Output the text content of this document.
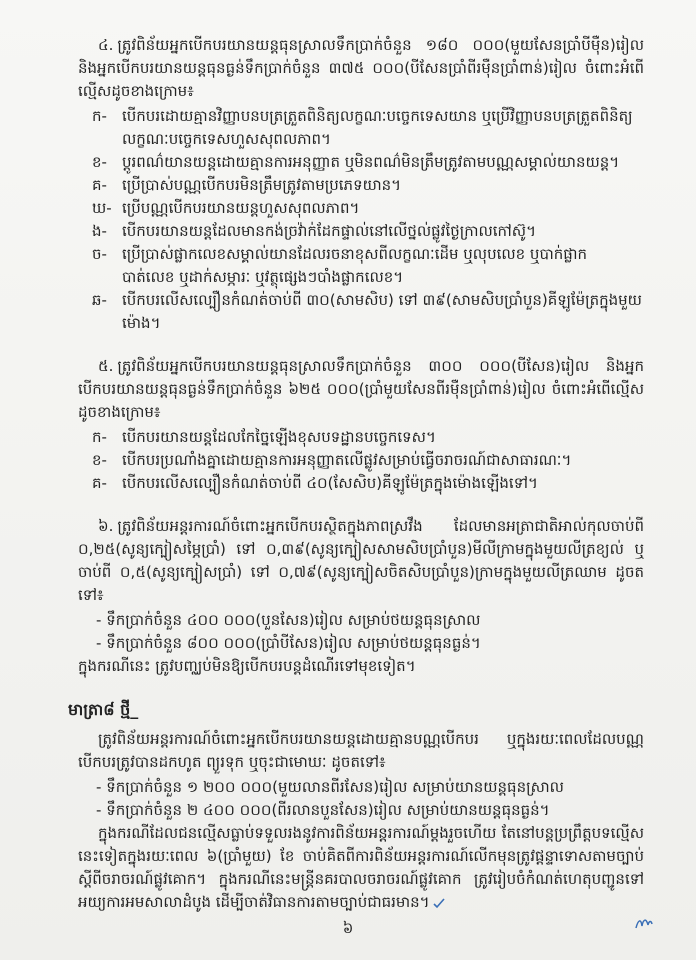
៤. ត្រូវពិន័យអ្នកបើកបរយានយន្តធុនស្រាលទឹកប្រាក់ចំនួន ១៨០ ០០០(មួយសែនប្រាំបីម៉ឺន)រៀល និងអ្នកបើកបរយានយន្តធុនធ្ងន់ទឹកប្រាក់ចំនួន ៣៧៥ ០០០(បីសែនប្រាំពីរម៉ឺនប្រាំពាន់)រៀល ចំពោះអំពើល្មើសដូចខាងក្រោម៖

ក-	បើកបរដោយគ្មានវិញ្ញាបនបត្រត្រួតពិនិត្យលក្ខណៈបច្ចេកទេសយាន ឬប្រើវិញ្ញាបនបត្រត្រួតពិនិត្យលក្ខណៈបច្ចេកទេសហួសសុពលភាព។
ខ-	ប្តូរពណ៌យានយន្តដោយគ្មានការអនុញ្ញាត ឬមិនពណ៌មិនត្រឹមត្រូវតាមបណ្ណសម្គាល់យានយន្ត។
គ-	ប្រើប្រាស់បណ្ណបើកបរមិនត្រឹមត្រូវតាមប្រភេទយាន។
ឃ- ប្រើបណ្ណបើកបរយានយន្តហួសសុពលភាព។
ង-	បើកបរយានយន្តដែលមានកង់ច្រវ៉ាក់ដែកផ្ទាល់នៅលើថ្នល់ផ្លូវថ្ងៃក្រាលកៅស៊ូ។
ច-	ប្រើប្រាស់ផ្លាកលេខសម្គាល់យានដែលរចនាខុសពីលក្ខណៈដើម ឬលុបលេខ ឬបាក់ផ្លាក បាត់លេខ ឬដាក់សម្ភារៈ ឬវត្ថុផ្សេងៗបាំងផ្លាកលេខ។
ឆ-	បើកបរលើសល្បឿនកំណត់ចាប់ពី ៣០(សាមសិប) ទៅ ៣៩(សាមសិបប្រាំបួន)គីឡូម៉ែត្រក្នុងមួយម៉ោង។

៥. ត្រូវពិន័យអ្នកបើកបរយានយន្តធុនស្រាលទឹកប្រាក់ចំនួន ៣០០ ០០០(បីសែន)រៀល និងអ្នកបើកបរយានយន្តធុនធ្ងន់ទឹកប្រាក់ចំនួន ៦២៥ ០០០(ប្រាំមួយសែនពីរម៉ឺនប្រាំពាន់)រៀល ចំពោះអំពើល្មើសដូចខាងក្រោម៖

ក-	បើកបរយានយន្តដែលកែច្នៃឡើងខុសបទដ្ឋានបច្ចេកទេស។
ខ-	បើកបរប្រណាំងគ្នាដោយគ្មានការអនុញ្ញាតលើផ្លូវសម្រាប់ធ្វើចរាចរណ៍ជាសាធារណៈ។
គ-	បើកបរលើសល្បឿនកំណត់ចាប់ពី ៤០(សែសិប)គីឡូម៉ែត្រក្នុងម៉ោងឡើងទៅ។

៦. ត្រូវពិន័យអន្តរការណ៍ចំពោះអ្នកបើកបរស្ថិតក្នុងភាពស្រវឹង ដែលមានអត្រាជាតិអាល់កុលចាប់ពី ០,២៥(សូន្យក្បៀសម្ភៃប្រាំ) ទៅ ០,៣៩(សូន្យក្បៀសសាមសិបប្រាំបួន)មីលីក្រាមក្នុងមួយលីត្រខ្យល់ ឬចាប់ពី ០,៥(សូន្យក្បៀសប្រាំ) ទៅ ០,៧៩(សូន្យក្បៀសចិតសិបប្រាំបួន)ក្រាមក្នុងមួយលីត្រឈាម ដូចតទៅ៖

- ទឹកប្រាក់ចំនួន ៤០០ ០០០(បួនសែន)រៀល សម្រាប់ថយន្តធុនស្រាល
- ទឹកប្រាក់ចំនួន ៨០០ ០០០(ប្រាំបីសែន)រៀល សម្រាប់ថយន្តធុនធ្ងន់។

ក្នុងករណីនេះ ត្រូវបញ្ឈប់មិនឱ្យបើកបរបន្តដំណើរទៅមុខទៀត។

មាត្រា៨ ថ្មី_

ត្រូវពិន័យអន្តរការណ៍ចំពោះអ្នកបើកបរយានយន្តដោយគ្មានបណ្ណបើកបរ ឬក្នុងរយៈពេលដែលបណ្ណបើកបរត្រូវបានដកហូត ព្យួរទុក ឬចុះជាមោឃៈ ដូចតទៅ៖

- ទឹកប្រាក់ចំនួន ១ ២០០ ០០០(មួយលានពីរសែន)រៀល សម្រាប់យានយន្តធុនស្រាល
- ទឹកប្រាក់ចំនួន ២ ៤០០ ០០០(ពីរលានបួនសែន)រៀល សម្រាប់យានយន្តធុនធ្ងន់។

ក្នុងករណីដែលជនល្មើសធ្លាប់ទទួលរងនូវការពិន័យអន្តរការណ៍ម្តងរួចហើយ តែនៅបន្តប្រព្រឹត្តបទល្មើសនេះទៀតក្នុងរយៈពេល ៦(ប្រាំមួយ) ខែ ចាប់គិតពីការពិន័យអន្តរការណ៍លើកមុនត្រូវផ្តន្ទាទោសតាមច្បាប់ស្តីពីចរាចរណ៍ផ្លូវគោក។ ក្នុងករណីនេះមន្ត្រីនគរបាលចរាចរណ៍ផ្លូវគោក ត្រូវរៀបចំកំណត់ហេតុបញ្ជូនទៅអយ្យការអមសាលាដំបូង ដើម្បីចាត់វិធានការតាមច្បាប់ជាធរមាន។

៦
